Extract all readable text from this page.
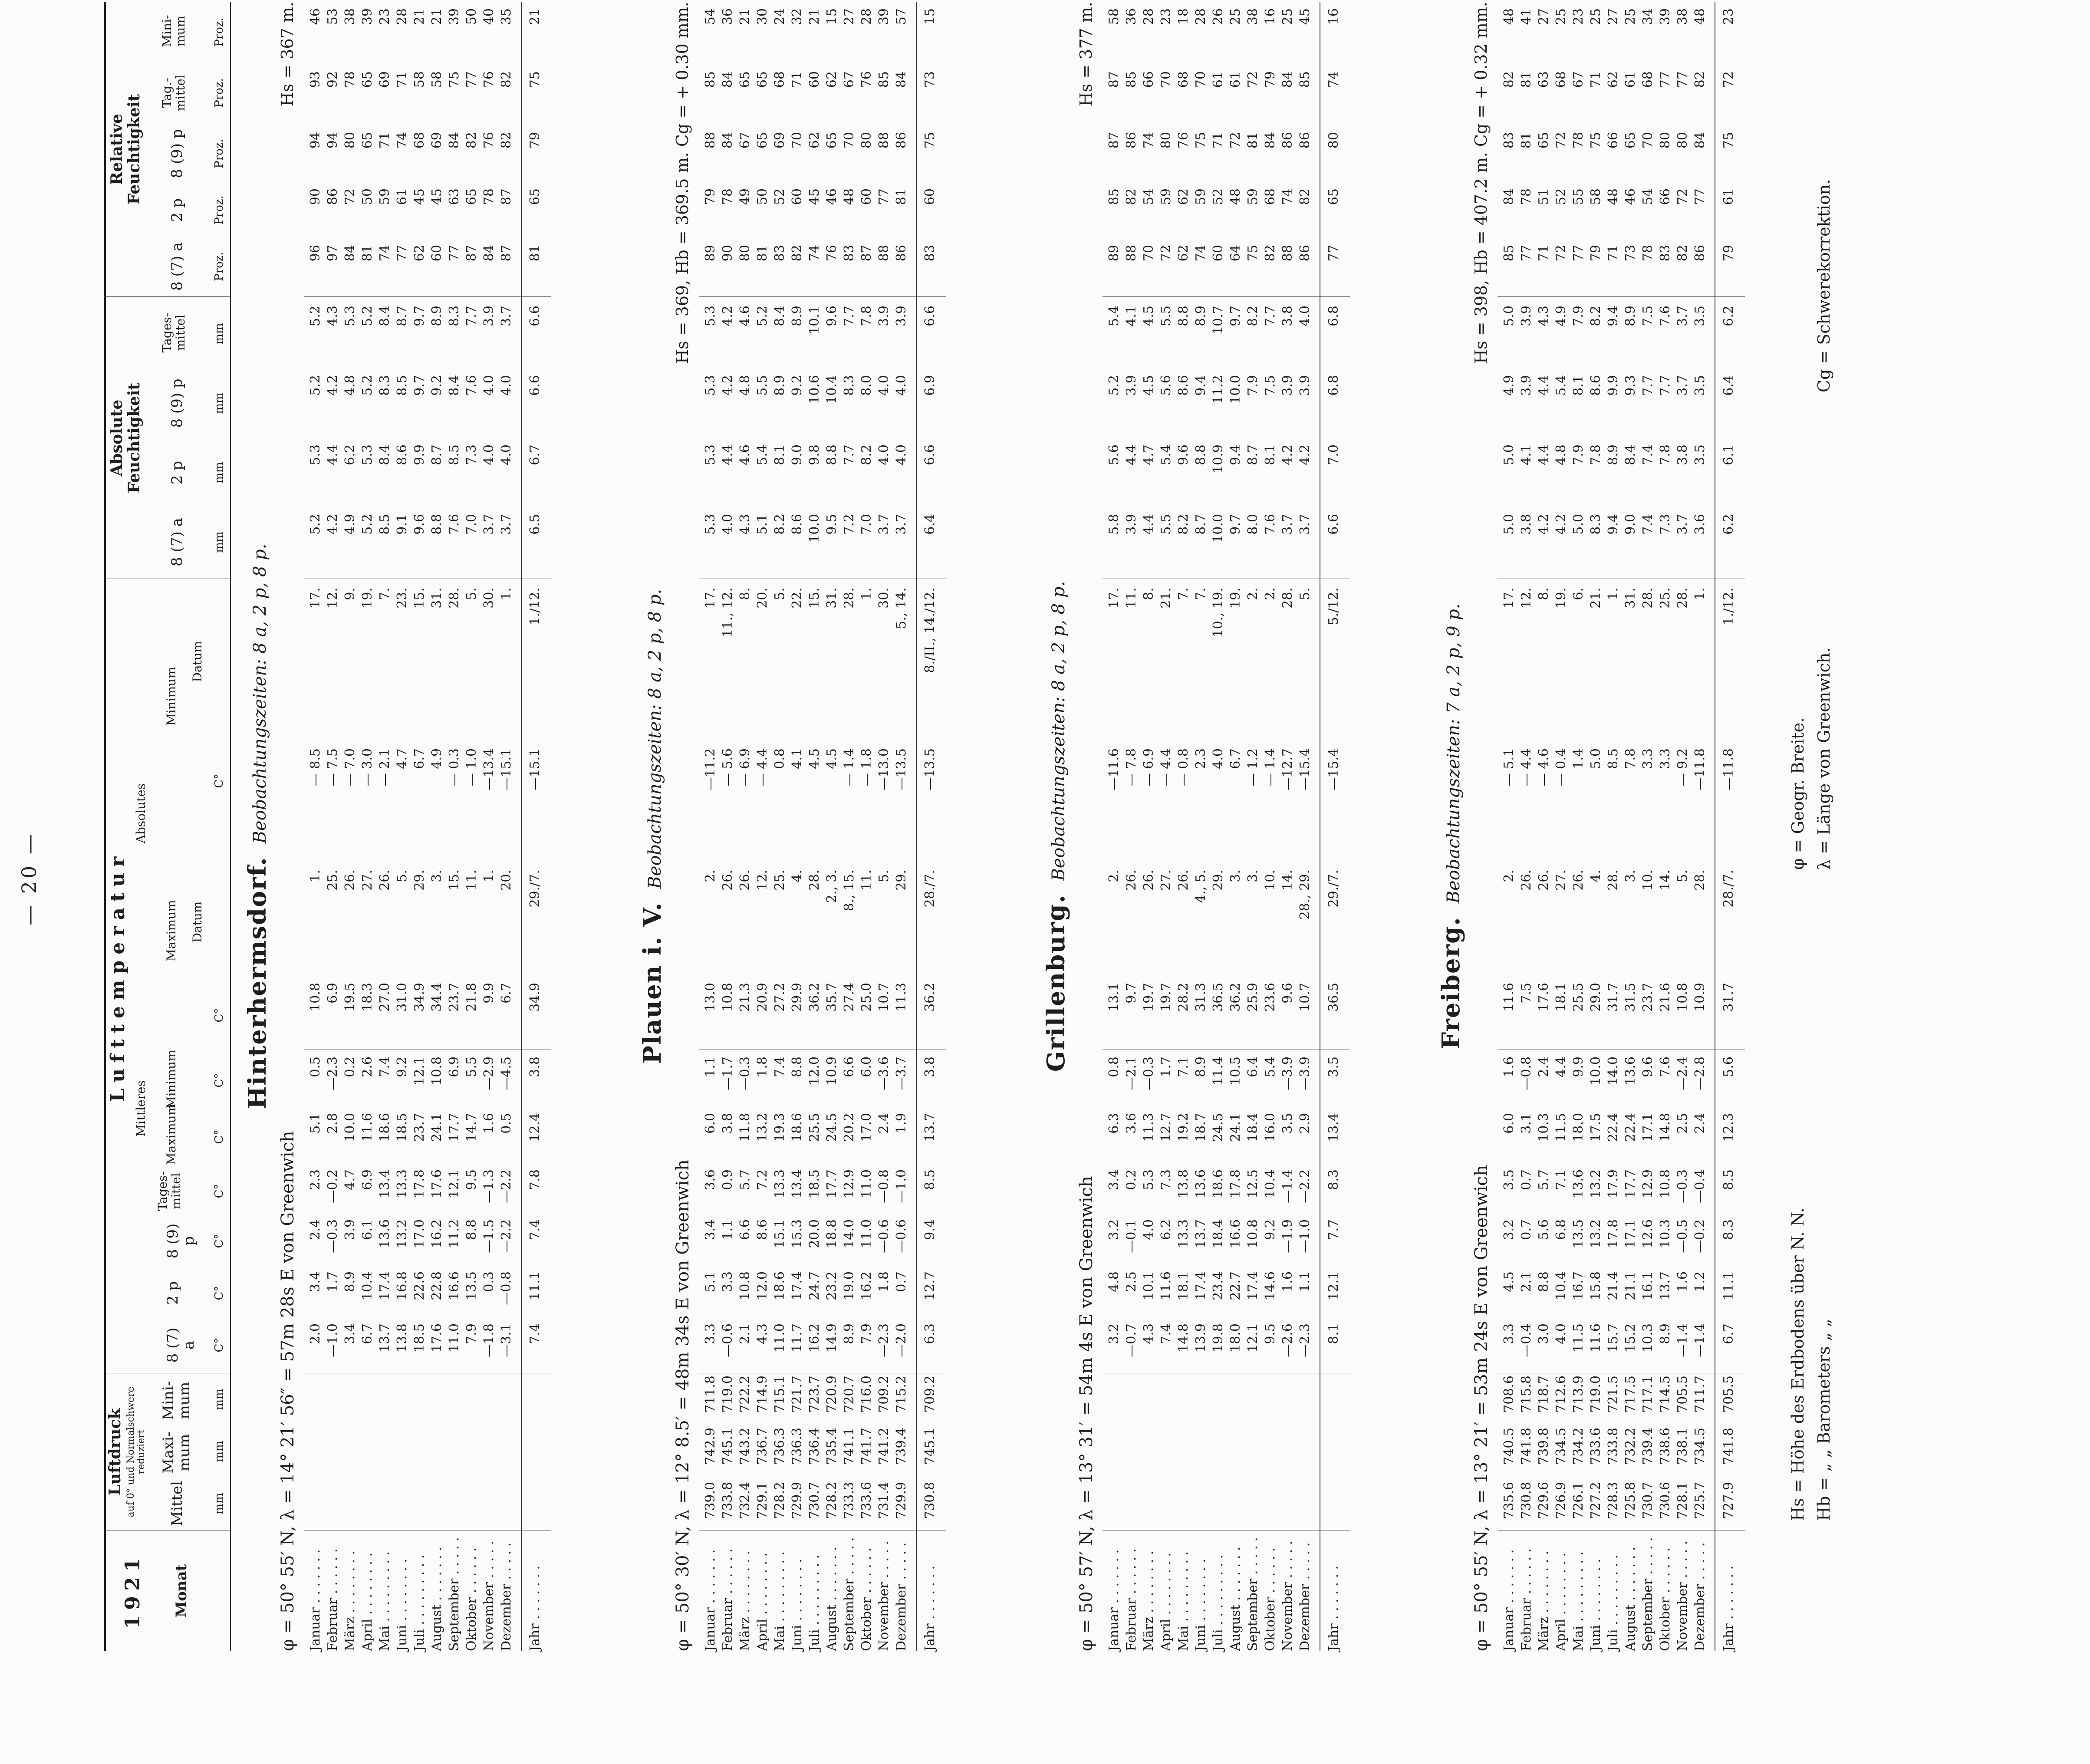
— 20 —
1921 Monat
Luftdruck auf 0° und Normalschwere reduziert
Mittel
Maxi-
mum
Mini-
mum
Lufttemperatur
8 (7) a
2 p
8 (9) p
Tages-
mittel
Mittleres Maximum
Minimum
Absolutes
Maximum
Minimum
Datum
Datum
Absolute
Feuchtigkeit
8 (7) a
2 p
8 (9) p
Tages-
mittel
Relative
Feuchtigkeit
8 (7) a
2 p
8 (9) p
Tag.-
mittel
Mini-
mum
mm
mm
mm
C°
C°
C°
C°
C°
C°
C°
C°
mm
mm
mm
mm
Proz.
Proz.
Proz.
Proz.
Proz.
Hinterhermsdorf.Beobachtungszeiten: 8 a, 2 p, 8 p.
φ = 50° 55′ N, λ = 14° 21′ 56″ = 57m 28s E von Greenwich
Hs = 367 m.
Januar . . . . . . .
2.0
3.4
2.4
2.3
5.1
0.5
10.8
1.
— 8.5
17.
5.2
5.3
5.2
5.2
96
90
94
93
46
Februar . . . . . .
—1.0
1.7
—0.3
—0.2
2.8
—2.3
6.9
25.
— 7.5
12.
4.2
4.4
4.2
4.3
97
86
94
92
53
März . . . . . . . .
3.4
8.9
3.9
4.7
10.0
0.2
19.5
26.
— 7.0
9.
4.9
6.2
4.8
5.3
84
72
80
78
38
April . . . . . . . .
6.7
10.4
6.1
6.9
11.6
2.6
18.3
27.
— 3.0
19.
5.2
5.3
5.2
5.2
81
50
65
65
39
Mai . . . . . . . . .
13.7
17.4
13.6
13.4
18.6
7.4
27.0
26.
— 2.1
7.
8.5
8.4
8.3
8.4
74
59
71
69
23
Juni . . . . . . . .
13.8
16.8
13.2
13.3
18.5
9.2
31.0
5.
4.7
23.
9.1
8.6
8.5
8.7
77
61
74
71
28
Juli . . . . . . . . .
18.5
22.6
17.0
17.8
23.7
12.1
34.9
29.
6.7
15.
9.6
9.9
9.7
9.7
62
45
68
58
21
August . . . . . . .
17.6
22.8
16.2
17.6
24.1
10.8
34.4
3.
4.9
31.
8.8
8.7
9.2
8.9
60
45
69
58
21
September . . . . .
11.0
16.6
11.2
12.1
17.7
6.9
23.7
15.
— 0.3
28.
7.6
8.5
8.4
8.3
77
63
84
75
39
Oktober . . . . . .
7.9
13.5
8.8
9.5
14.7
5.5
21.8
11.
— 1.0
5.
7.0
7.3
7.6
7.7
87
65
82
77
50
November . . . . .
—1.8
0.3
—1.5
—1.3
1.6
—2.9
9.9
1.
—13.4
30.
3.7
4.0
4.0
3.9
84
78
76
76
40
Dezember . . . . .
—3.1
—0.8
—2.2
—2.2
0.5
—4.5
6.7
20.
—15.1
1.
3.7
4.0
4.0
3.7
87
87
82
82
35
Jahr . . . . . . .
7.4
11.1
7.4
7.8
12.4
3.8
34.9
29./7.
—15.1
1./12.
6.5
6.7
6.6
6.6
81
65
79
75
21
Plauen i. V.Beobachtungszeiten: 8 a, 2 p, 8 p.
φ = 50° 30′ N, λ = 12° 8.5′ = 48m 34s E von Greenwich
Hs = 369, Hb = 369.5 m. Cg = + 0.30 mm.
Januar . . . . . . .
739.0
742.9
711.8
3.3
5.1
3.4
3.6
6.0
1.1
13.0
2.
—11.2
17.
5.3
5.3
5.3
5.3
89
79
88
85
54
Februar . . . . . .
733.8
745.1
719.0
—0.6
3.3
1.1
0.9
3.8
—1.7
10.8
26.
— 5.6
11., 12.
4.0
4.4
4.2
4.2
90
78
84
84
36
März . . . . . . . .
732.4
743.2
722.2
2.1
10.8
6.6
5.7
11.8
—0.3
21.3
26.
— 6.9
8.
4.3
4.6
4.8
4.6
80
49
67
65
21
April . . . . . . . .
729.1
736.7
714.9
4.3
12.0
8.6
7.2
13.2
1.8
20.9
12.
— 4.4
20.
5.1
5.4
5.5
5.2
81
50
65
65
30
Mai . . . . . . . . .
728.2
736.3
715.1
11.0
18.6
15.1
13.3
19.3
7.4
27.2
25.
0.8
5.
8.2
8.1
8.9
8.4
83
52
69
68
24
Juni . . . . . . . .
729.9
736.3
721.7
11.7
17.4
15.3
13.4
18.6
8.8
29.9
4.
4.1
22.
8.6
9.0
9.2
8.9
82
60
70
71
32
Juli . . . . . . . . .
730.7
736.4
723.7
16.2
24.7
20.0
18.5
25.5
12.0
36.2
28.
4.5
15.
10.0
9.8
10.6
10.1
74
45
62
60
21
August . . . . . . .
728.2
735.4
720.9
14.9
23.2
18.8
17.7
24.5
10.9
35.7
2., 3.
4.5
31.
9.5
8.8
10.4
9.6
76
46
65
62
15
September . . . . .
733.3
741.1
720.7
8.9
19.0
14.0
12.9
20.2
6.6
27.4
8., 15.
— 1.4
28.
7.2
7.7
8.3
7.7
83
48
70
67
27
Oktober . . . . . .
733.6
741.7
716.0
7.9
16.2
11.0
11.0
17.0
6.0
25.0
11.
— 1.8
1.
7.0
8.2
8.0
7.8
87
60
80
76
28
November . . . . .
731.4
741.2
709.2
—2.3
1.8
—0.6
—0.8
2.4
—3.6
10.7
5.
—13.0
30.
3.7
4.0
4.0
3.9
88
77
88
85
39
Dezember . . . . .
729.9
739.4
715.2
—2.0
0.7
—0.6
—1.0
1.9
—3.7
11.3
29.
—13.5
5., 14.
3.7
4.0
4.0
3.9
86
81
86
84
57
Jahr . . . . . . .
730.8
745.1
709.2
6.3
12.7
9.4
8.5
13.7
3.8
36.2
28./7.
—13.5
8./II., 14./12.
6.4
6.6
6.9
6.6
83
60
75
73
15
Grillenburg.Beobachtungszeiten: 8 a, 2 p, 8 p.
φ = 50° 57′ N, λ = 13° 31′ = 54m 4s E von Greenwich
Hs = 377 m.
Januar . . . . . . .
3.2
4.8
3.2
3.4
6.3
0.8
13.1
2.
—11.6
17.
5.8
5.6
5.2
5.4
89
85
87
87
58
Februar . . . . . .
—0.7
2.5
—0.1
0.2
3.6
—2.1
9.7
26.
— 7.8
11.
3.9
4.4
3.9
4.1
88
82
86
85
36
März . . . . . . . .
4.3
10.1
4.0
5.3
11.3
—0.3
19.7
26.
— 6.9
8.
4.4
4.7
4.5
4.5
70
54
74
66
28
April . . . . . . . .
7.4
11.6
6.2
7.3
12.7
1.7
19.7
27.
— 4.4
21.
5.5
5.4
5.6
5.5
72
59
80
70
23
Mai . . . . . . . . .
14.8
18.1
13.3
13.8
19.2
7.1
28.2
26.
— 0.8
7.
8.2
9.6
8.6
8.8
62
62
76
68
18
Juni . . . . . . . .
13.9
17.4
13.7
13.6
18.7
8.9
31.3
4., 5.
2.3
7.
8.7
8.8
9.4
8.9
74
59
75
70
28
Juli . . . . . . . . .
19.8
23.4
18.4
18.6
24.5
11.4
36.5
29.
4.0
10., 19.
10.0
10.9
11.2
10.7
60
52
71
61
26
August . . . . . . .
18.0
22.7
16.6
17.8
24.1
10.5
36.2
3.
6.7
19.
9.7
9.4
10.0
9.7
64
48
72
61
25
September . . . . .
12.1
17.4
10.8
12.5
18.4
6.4
25.9
3.
— 1.2
2.
8.0
8.7
7.9
8.2
75
59
81
72
38
Oktober . . . . . .
9.5
14.6
9.2
10.4
16.0
5.4
23.6
10.
— 1.4
2.
7.6
8.1
7.5
7.7
82
68
84
79
16
November . . . . .
—2.6
1.6
—1.9
—1.4
3.5
—3.9
9.6
14.
—12.7
28.
3.7
4.2
3.9
3.8
88
74
86
84
25
Dezember . . . . .
—2.3
1.1
—1.0
—2.2
2.9
—3.9
10.7
28., 29.
—15.4
5.
3.7
4.2
3.9
4.0
86
82
86
85
45
Jahr . . . . . . .
8.1
12.1
7.7
8.3
13.4
3.5
36.5
29./7.
—15.4
5./12.
6.6
7.0
6.8
6.8
77
65
80
74
16
Freiberg.Beobachtungszeiten: 7 a, 2 p, 9 p.
φ = 50° 55′ N, λ = 13° 21′ = 53m 24s E von Greenwich
Hs = 398, Hb = 407.2 m. Cg = + 0.32 mm.
Januar . . . . . . .
735.6
740.5
708.6
3.3
4.5
3.2
3.5
6.0
1.6
11.6
2.
— 5.1
17.
5.0
5.0
4.9
5.0
85
84
83
82
48
Februar . . . . . .
730.8
741.8
715.8
—0.4
2.1
0.7
0.7
3.1
—0.8
7.5
26.
— 4.4
12.
3.8
4.1
3.9
3.9
77
78
81
81
41
März . . . . . . . .
729.6
739.8
718.7
3.0
8.8
5.6
5.7
10.3
2.4
17.6
26.
— 4.6
8.
4.2
4.4
4.4
4.3
71
51
65
63
27
April . . . . . . . .
726.9
734.5
712.6
4.0
10.4
6.8
7.1
11.5
4.4
18.1
27.
— 0.4
19.
4.2
4.8
5.4
4.9
72
52
72
68
25
Mai . . . . . . . . .
726.1
734.2
713.9
11.5
16.7
13.5
13.6
18.0
9.9
25.5
26.
1.4
6.
5.0
7.9
8.1
7.9
77
55
78
67
23
Juni . . . . . . . .
727.2
733.6
719.0
11.6
15.8
13.2
13.2
17.5
10.0
29.0
4.
5.0
21.
8.3
7.8
8.6
8.2
79
58
75
71
25
Juli . . . . . . . . .
728.3
733.8
721.5
15.7
21.4
17.8
17.9
22.4
14.0
31.7
28.
8.5
1.
9.4
8.9
9.9
9.4
71
48
66
62
27
August . . . . . . .
725.8
732.2
717.5
15.2
21.1
17.1
17.7
22.4
13.6
31.5
3.
7.8
31.
9.0
8.4
9.3
8.9
73
46
65
61
25
September . . . . .
730.7
739.4
717.1
10.3
16.1
12.6
12.9
17.1
9.6
23.7
10.
3.3
28.
7.4
7.4
7.7
7.5
78
54
70
68
34
Oktober . . . . . .
730.6
738.6
714.5
8.9
13.7
10.3
10.8
14.8
7.6
21.6
14.
3.3
25.
7.3
7.8
7.7
7.6
83
66
80
77
39
November . . . . .
728.1
738.1
705.5
—1.4
1.6
—0.5
—0.3
2.5
—2.4
10.8
5.
— 9.2
28.
3.7
3.8
3.7
3.7
82
72
80
77
38
Dezember . . . . .
725.7
734.5
711.7
—1.4
1.2
—0.2
—0.4
2.4
—2.8
10.9
28.
—11.8
1.
3.6
3.5
3.5
3.5
86
77
84
82
48
Jahr . . . . . . .
727.9
741.8
705.5
6.7
11.1
8.3
8.5
12.3
5.6
31.7
28./7.
—11.8
1./12.
6.2
6.1
6.4
6.2
79
61
75
72
23
Hs = Höhe des Erdbodens über N. N. Hb = „ „ Barometers „ „
φ = Geogr. Breite. λ = Länge von Greenwich.
Cg = Schwerekorrektion.
